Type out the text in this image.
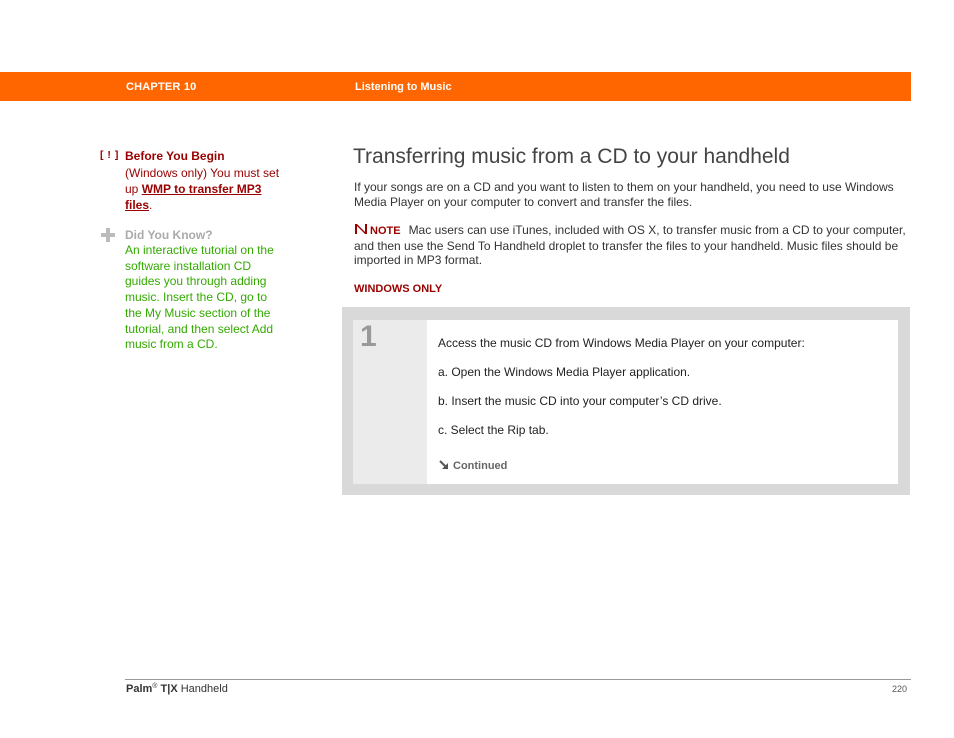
CHAPTER 10	Listening to Music
[ ! ] Before You Begin
(Windows only) You must set up WMP to transfer MP3 files.
Did You Know?
An interactive tutorial on the software installation CD guides you through adding music. Insert the CD, go to the My Music section of the tutorial, and then select Add music from a CD.
Transferring music from a CD to your handheld

If your songs are on a CD and you want to listen to them on your handheld, you need to use Windows Media Player on your computer to convert and transfer the files.

NOTE Mac users can use iTunes, included with OS X, to transfer music from a CD to your computer, and then use the Send To Handheld droplet to transfer the files to your handheld. Music files should be imported in MP3 format.
WINDOWS ONLY
1	Access the music CD from Windows Media Player on your computer:
a. Open the Windows Media Player application.
b. Insert the music CD into your computer’s CD drive.
c. Select the Rip tab.
Continued
Palm® T|X Handheld	220
